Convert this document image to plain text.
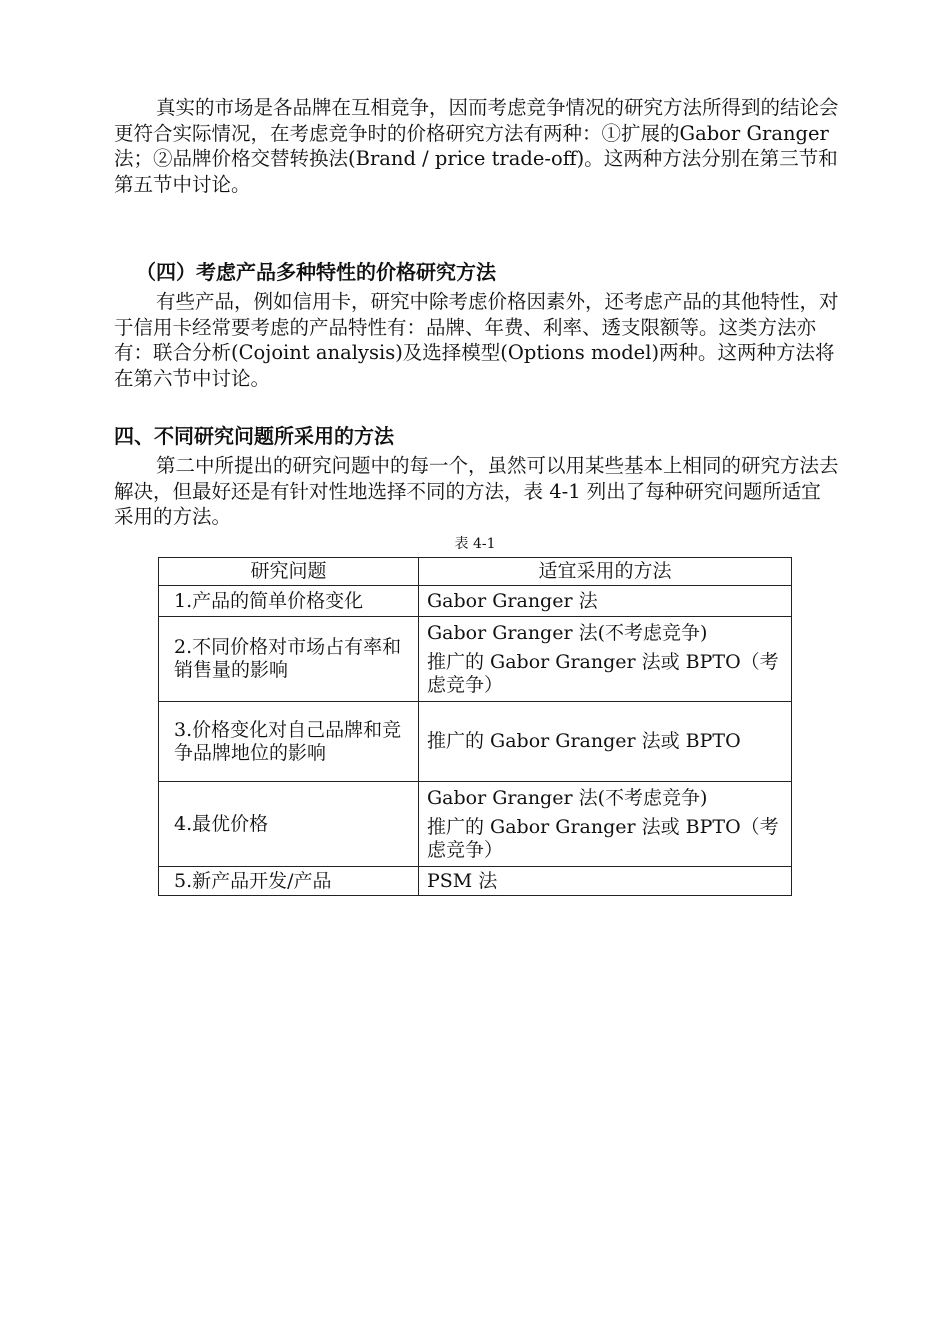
真实的市场是各品牌在互相竞争，因而考虑竞争情况的研究方法所得到的结论会更符合实际情况，在考虑竞争时的价格研究方法有两种：①扩展的Gabor Granger法；②品牌价格交替转换法(Brand / price trade-off)。这两种方法分别在第三节和第五节中讨论。

（四）考虑产品多种特性的价格研究方法

有些产品，例如信用卡，研究中除考虑价格因素外，还考虑产品的其他特性，对于信用卡经常要考虑的产品特性有：品牌、年费、利率、透支限额等。这类方法亦有：联合分析(Cojoint analysis)及选择模型(Options model)两种。这两种方法将在第六节中讨论。

四、不同研究问题所采用的方法

第二中所提出的研究问题中的每一个，虽然可以用某些基本上相同的研究方法去解决，但最好还是有针对性地选择不同的方法，表 4-1 列出了每种研究问题所适宜采用的方法。

表 4-1
研究问题	适宜采用的方法

1.产品的简单价格变化	Gabor Granger 法

2.不同价格对市场占有率和销售量的影响	Gabor Granger 法(不考虑竞争)
推广的 Gabor Granger 法或 BPTO（考虑竞争）

3.价格变化对自己品牌和竞争品牌地位的影响	推广的 Gabor Granger 法或 BPTO

4.最优价格	Gabor Granger 法(不考虑竞争)
推广的 Gabor Granger 法或 BPTO（考虑竞争）

5.新产品开发/产品	PSM 法
